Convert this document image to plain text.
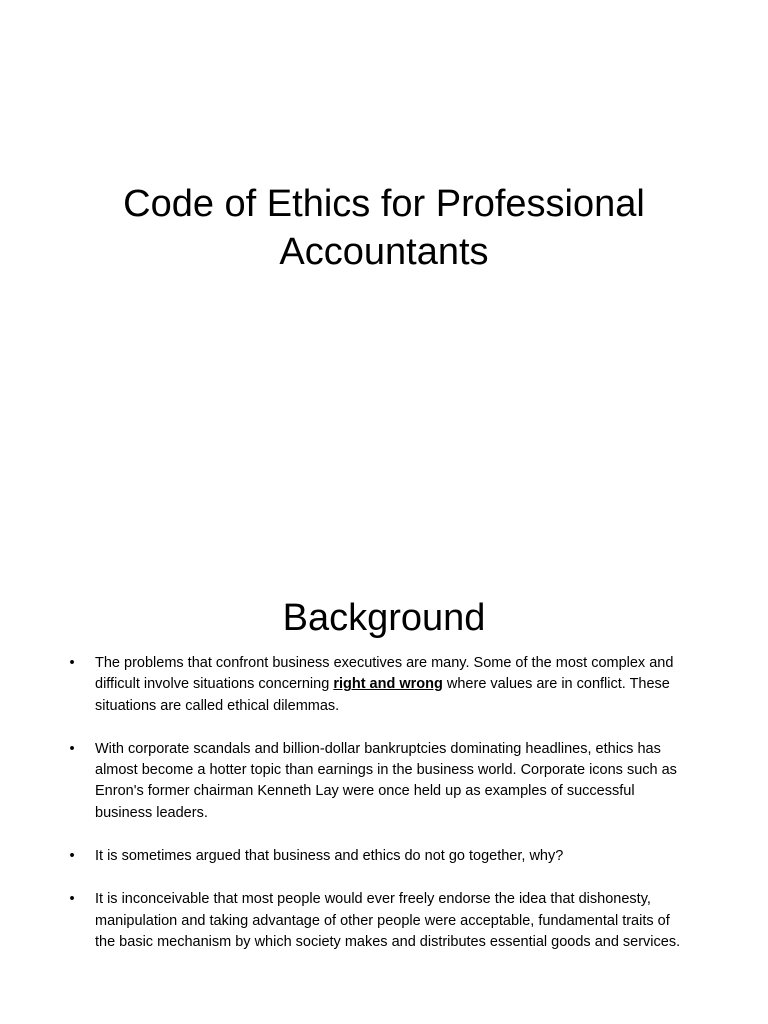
Code of Ethics for Professional
Accountants
Background
• The problems that confront business executives are many. Some of the most complex and difficult involve situations concerning right and wrong where values are in conflict. These situations are called ethical dilemmas.
• With corporate scandals and billion-dollar bankruptcies dominating headlines, ethics has almost become a hotter topic than earnings in the business world. Corporate icons such as Enron's former chairman Kenneth Lay were once held up as examples of successful business leaders.
• It is sometimes argued that business and ethics do not go together, why?
• It is inconceivable that most people would ever freely endorse the idea that dishonesty, manipulation and taking advantage of other people were acceptable, fundamental traits of the basic mechanism by which society makes and distributes essential goods and services.
